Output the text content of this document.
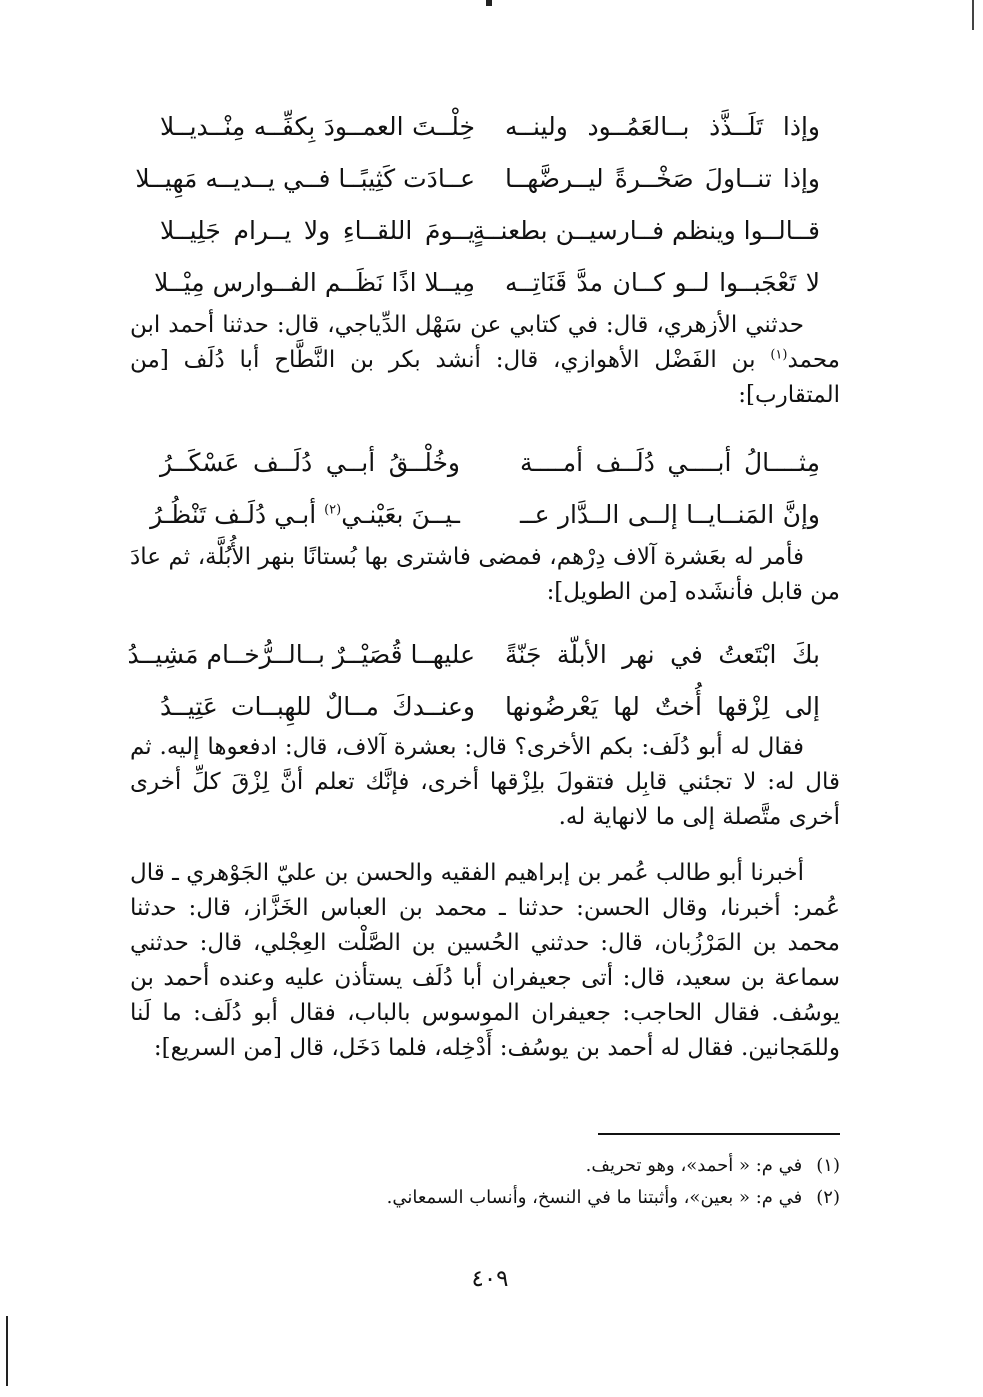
وإذا تَلَــذَّذ بــالعَمُــود ولينــه
خِلْــتَ العمــودَ بِكفِّــه مِنْــديــلا
وإذا تنــاولَ صَخْــرةً ليــرضَّهــا
عــادَت كَثِيبًــا فــي يــديــه مَهِيــلا
قــالــوا وينظم فــارسيــن بطعنــةٍ
يــومَ اللقــاءِ ولا يــرام جَلِيــلا
لا تَعْجَبــوا لــو كــان مدَّ قَنَاتِــه
مِيــلا اذًا نَظَــم الفــوارس مِيْــلا

حدثني الأزهري، قال: في كتابي عن سَهْل الدِّياجي، قال: حدثنا أحمد ابن محمد$^{(١)}$ بن الفَضْل الأهوازي، قال: أنشد بكر بن النَّطَّاح أبا دُلَف [من المتقارب]:

مِثــــالُ أبــــي دُلَــف أمــــة
وخُلْــقُ أبــي دُلَــف عَسْكَــرُ
وإنَّ المَنــايــا إلــى الــدَّار عــ
ـيــنَ بعَيْنـي$^{(٢)}$ أبـي دُلَـف تَنْظُـرُ

فأمر له بعَشرة آلاف دِرْهم، فمضى فاشترى بها بُستانًا بنهر الأُبُلَّة، ثم عادَ من قابل فأنشَده [من الطويل]:

بكَ ابْتَعتُ في نهر الأبلّة جَنّةً
عليهــا قُصَيْــرٌ بــالــرُّخــام مَشِيــدُ
إلى لِزْقها أُختٌ لها يَعْرضُونها
وعنــدكَ مــالٌ للهِبــات عَتِيــدُ

فقال له أبو دُلَف: بكم الأخرى؟ قال: بعشرة آلاف، قال: ادفعوها إليه. ثم قال له: لا تجئني قابِل فتقولَ بلِزْقها أخرى، فإنَّك تعلم أنَّ لِزْقَ كلِّ أخرى أخرى متَّصلة إلى ما لانهاية له.

أخبرنا أبو طالب عُمر بن إبراهيم الفقيه والحسن بن عليّ الجَوْهري ـ قال عُمر: أخبرنا، وقال الحسن: حدثنا ـ محمد بن العباس الخَزَّاز، قال: حدثنا محمد بن المَرْزُبان، قال: حدثني الحُسين بن الصَّلْت العِجْلي، قال: حدثني سماعة بن سعيد، قال: أتى جعيفران أبا دُلَف يستأذن عليه وعنده أحمد بن يوسُف. فقال الحاجب: جعيفران الموسوس بالباب، فقال أبو دُلَف: ما لَنا وللمَجانين. فقال له أحمد بن يوسُف: أَدْخِله، فلما دَخَل، قال [من السريع]:

(١)
في م: « أحمد»، وهو تحريف.
(٢)
في م: « بعين»، وأثبتنا ما في النسخ، وأنساب السمعاني.
٤٠٩
